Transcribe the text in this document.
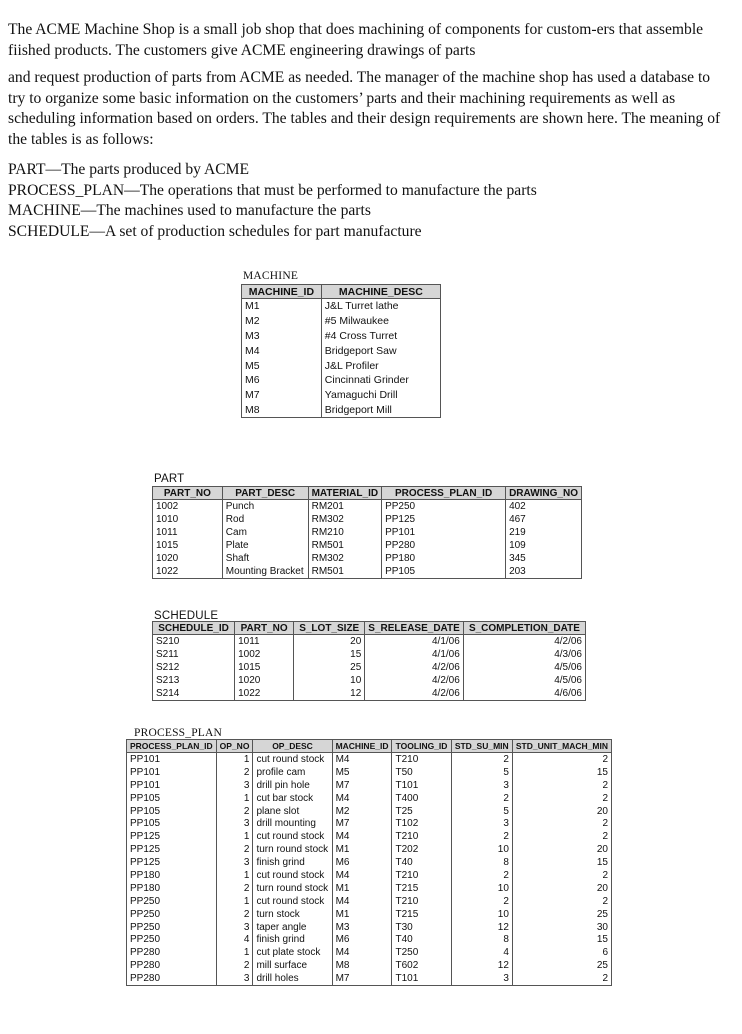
The ACME Machine Shop is a small job shop that does machining of components for custom-ers that assemble fiished products. The customers give ACME engineering drawings of parts
and request production of parts from ACME as needed. The manager of the machine shop has used a database to try to organize some basic information on the customers’ parts and their machining requirements as well as scheduling information based on orders. The tables and their design requirements are shown here. The meaning of the tables is as follows:
PART—The parts produced by ACME
PROCESS_PLAN—The operations that must be performed to manufacture the parts
MACHINE—The machines used to manufacture the parts
SCHEDULE—A set of production schedules for part manufacture
MACHINE
MACHINE_ID	MACHINE_DESC
M1	J&L Turret lathe
M2	#5 Milwaukee
M3	#4 Cross Turret
M4	Bridgeport Saw
M5	J&L Profiler
M6	Cincinnati Grinder
M7	Yamaguchi Drill
M8	Bridgeport Mill
PART
PART_NO	PART_DESC	MATERIAL_ID	PROCESS_PLAN_ID	DRAWING_NO
1002	Punch	RM201	PP250	402
1010	Rod	RM302	PP125	467
1011	Cam	RM210	PP101	219
1015	Plate	RM501	PP280	109
1020	Shaft	RM302	PP180	345
1022	Mounting Bracket	RM501	PP105	203
SCHEDULE
SCHEDULE_ID	PART_NO	S_LOT_SIZE	S_RELEASE_DATE	S_COMPLETION_DATE
S210	1011	20	4/1/06	4/2/06
S211	1002	15	4/1/06	4/3/06
S212	1015	25	4/2/06	4/5/06
S213	1020	10	4/2/06	4/5/06
S214	1022	12	4/2/06	4/6/06
PROCESS_PLAN
PROCESS_PLAN_ID	OP_NO	OP_DESC	MACHINE_ID	TOOLING_ID	STD_SU_MIN	STD_UNIT_MACH_MIN
PP101	1	cut round stock	M4	T210	2	2
PP101	2	profile cam	M5	T50	5	15
PP101	3	drill pin hole	M7	T101	3	2
PP105	1	cut bar stock	M4	T400	2	2
PP105	2	plane slot	M2	T25	5	20
PP105	3	drill mounting	M7	T102	3	2
PP125	1	cut round stock	M4	T210	2	2
PP125	2	turn round stock	M1	T202	10	20
PP125	3	finish grind	M6	T40	8	15
PP180	1	cut round stock	M4	T210	2	2
PP180	2	turn round stock	M1	T215	10	20
PP250	1	cut round stock	M4	T210	2	2
PP250	2	turn stock	M1	T215	10	25
PP250	3	taper angle	M3	T30	12	30
PP250	4	finish grind	M6	T40	8	15
PP280	1	cut plate stock	M4	T250	4	6
PP280	2	mill surface	M8	T602	12	25
PP280	3	drill holes	M7	T101	3	2
